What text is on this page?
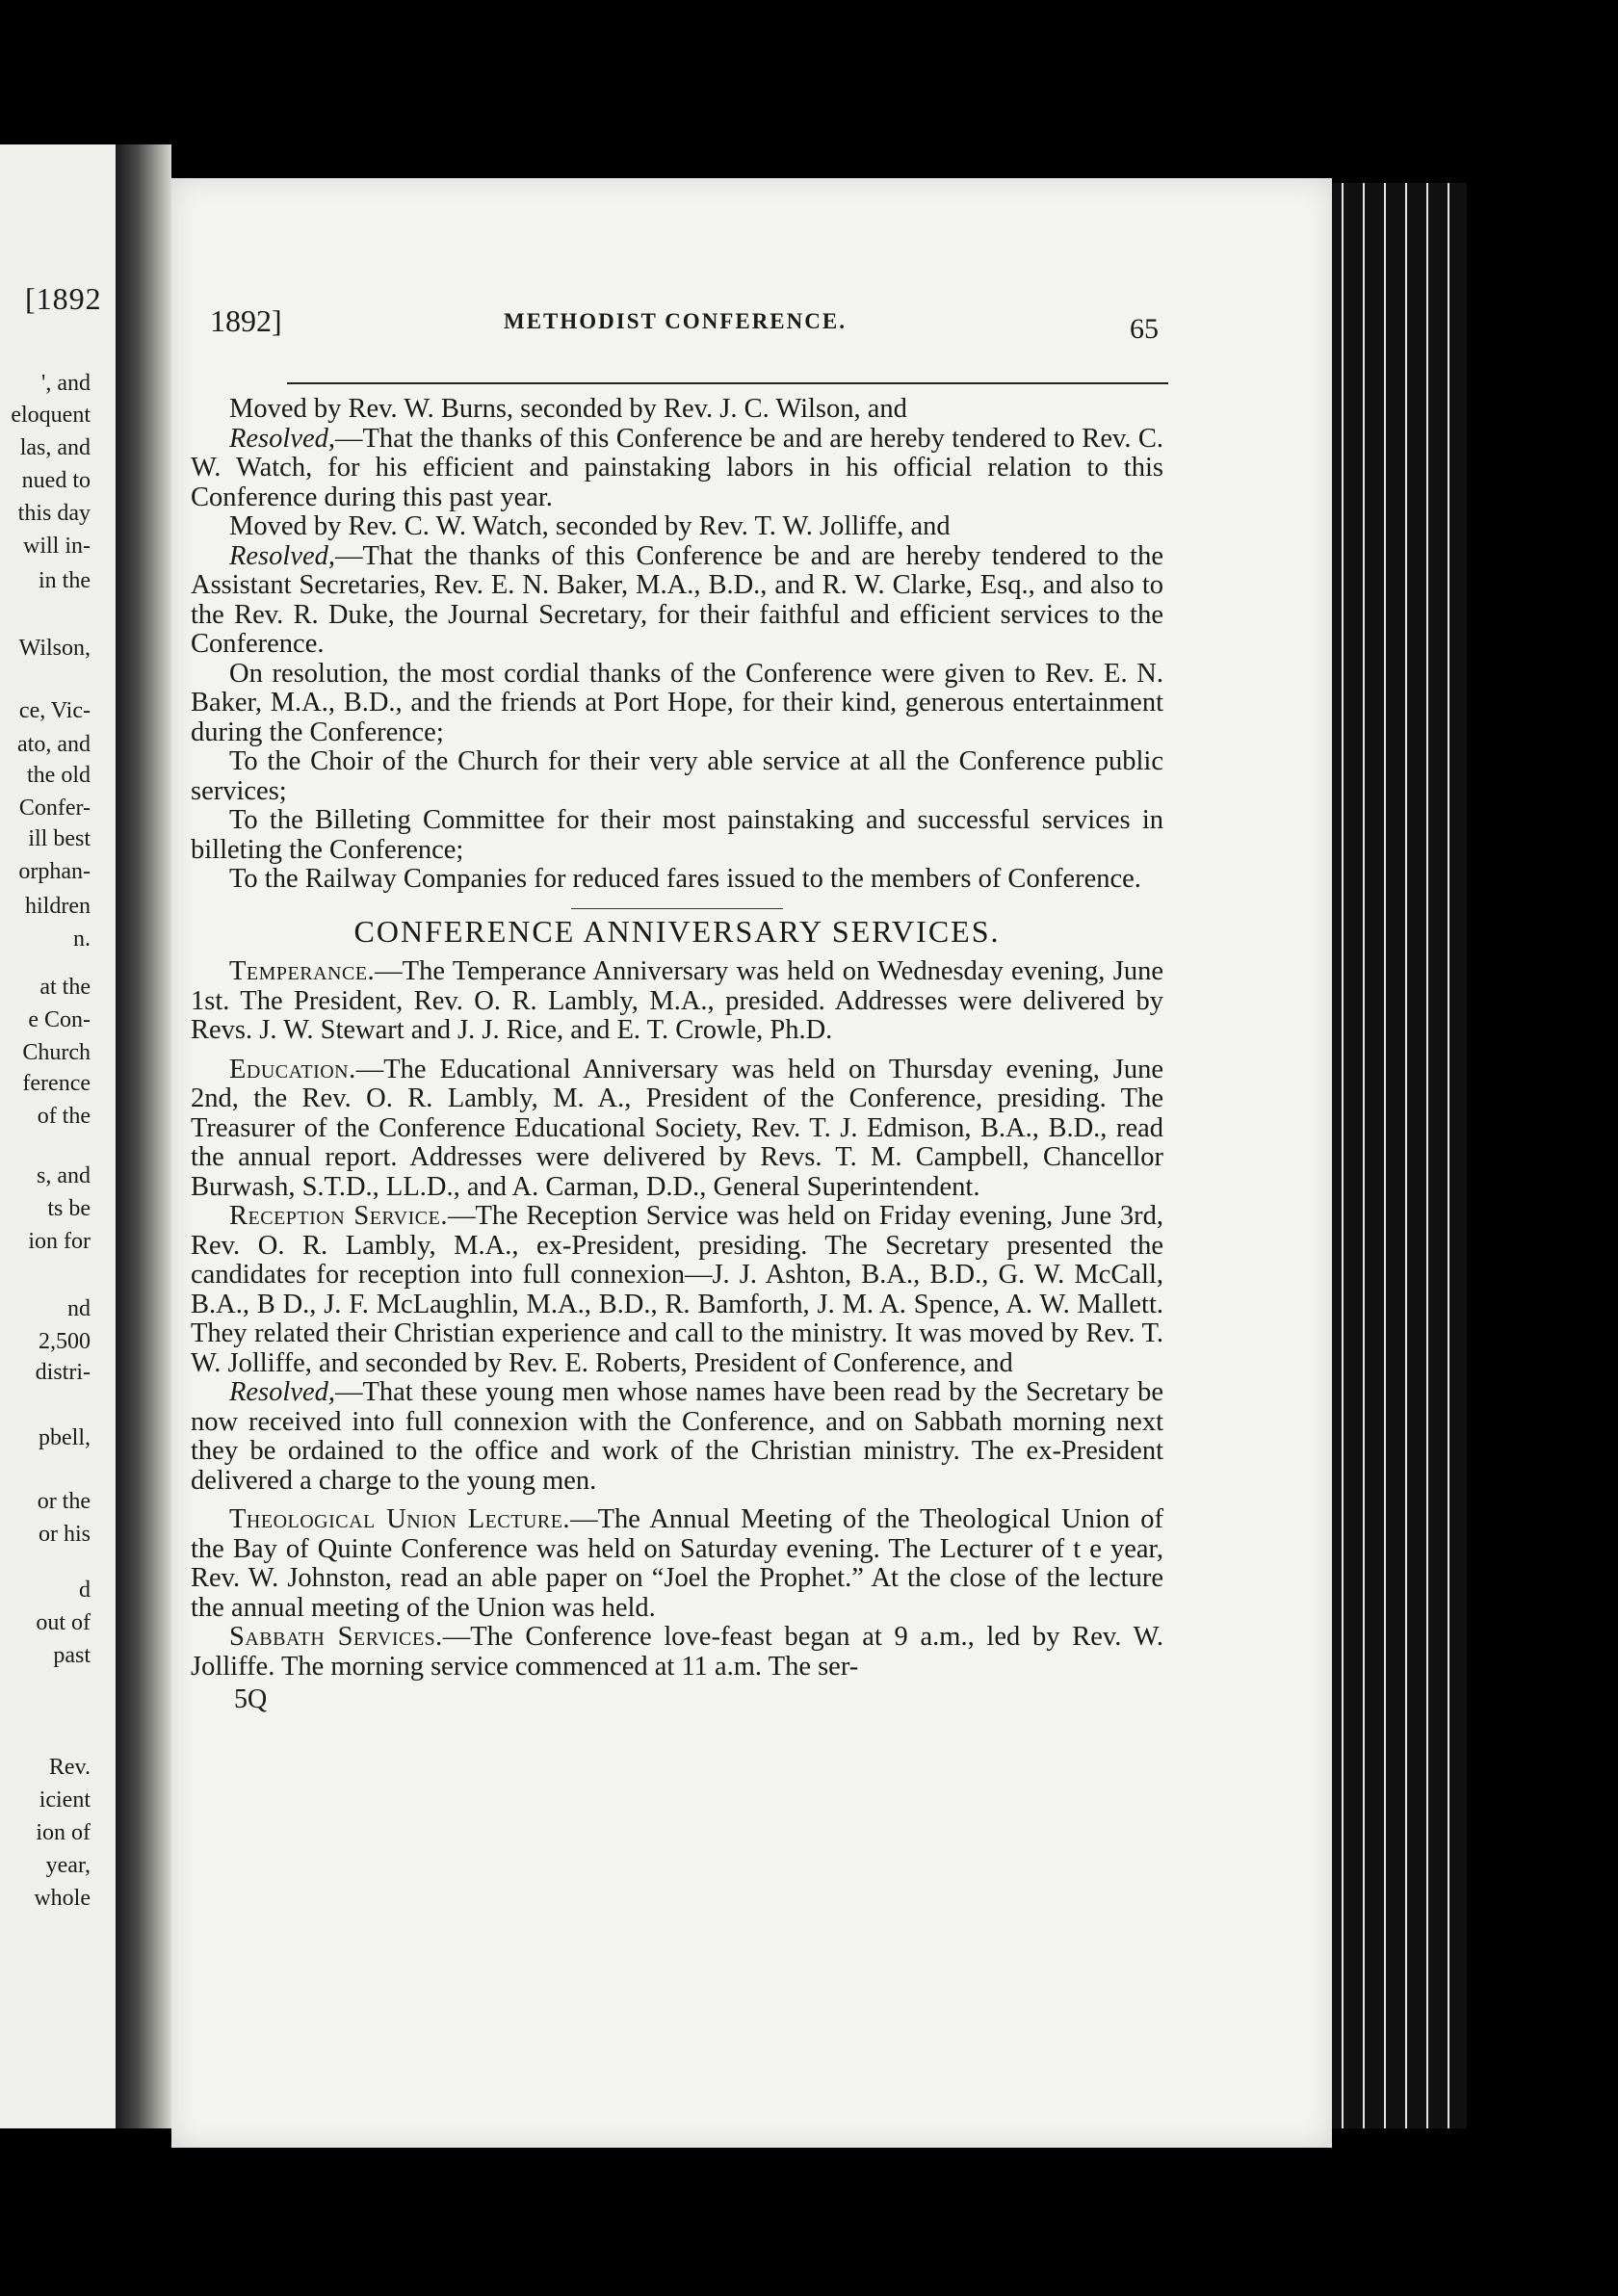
[1892
', and
eloquent
las, and
nued to
this day
will in-
in the
Wilson,
ce, Vic-
ato, and
the old
Confer-
ill best
orphan-
hildren
n.
at the
e Con-
Church
ference
of the
s, and
ts be
ion for
nd
2,500
distri-
pbell,
or the
or his
d
out of
past
Rev.
icient
ion of
year,
whole
1892]	METHODIST CONFERENCE.	65

Moved by Rev. W. Burns, seconded by Rev. J. C. Wilson, and

Resolved,—That the thanks of this Conference be and are hereby tendered to Rev. C. W. Watch, for his efficient and painstaking labors in his official relation to this Conference during this past year.

Moved by Rev. C. W. Watch, seconded by Rev. T. W. Jolliffe, and

Resolved,—That the thanks of this Conference be and are hereby tendered to the Assistant Secretaries, Rev. E. N. Baker, M.A., B.D., and R. W. Clarke, Esq., and also to the Rev. R. Duke, the Journal Secretary, for their faithful and efficient services to the Conference.

On resolution, the most cordial thanks of the Conference were given to Rev. E. N. Baker, M.A., B.D., and the friends at Port Hope, for their kind, generous entertainment during the Conference;

To the Choir of the Church for their very able service at all the Conference public services;

To the Billeting Committee for their most painstaking and successful services in billeting the Conference;

To the Railway Companies for reduced fares issued to the members of Conference.

CONFERENCE ANNIVERSARY SERVICES.

Temperance.—The Temperance Anniversary was held on Wednesday evening, June 1st. The President, Rev. O. R. Lambly, M.A., presided. Addresses were delivered by Revs. J. W. Stewart and J. J. Rice, and E. T. Crowle, Ph.D.

Education.—The Educational Anniversary was held on Thursday evening, June 2nd, the Rev. O. R. Lambly, M. A., President of the Conference, presiding. The Treasurer of the Conference Educational Society, Rev. T. J. Edmison, B.A., B.D., read the annual report. Addresses were delivered by Revs. T. M. Campbell, Chancellor Burwash, S.T.D., LL.D., and A. Carman, D.D., General Superintendent.

Reception Service.—The Reception Service was held on Friday evening, June 3rd, Rev. O. R. Lambly, M.A., ex-President, presiding. The Secretary presented the candidates for reception into full connexion—J. J. Ashton, B.A., B.D., G. W. McCall, B.A., B D., J. F. McLaughlin, M.A., B.D., R. Bamforth, J. M. A. Spence, A. W. Mallett. They related their Christian experience and call to the ministry. It was moved by Rev. T. W. Jolliffe, and seconded by Rev. E. Roberts, President of Conference, and

Resolved,—That these young men whose names have been read by the Secretary be now received into full connexion with the Conference, and on Sabbath morning next they be ordained to the office and work of the Christian ministry. The ex-President delivered a charge to the young men.

Theological Union Lecture.—The Annual Meeting of the Theological Union of the Bay of Quinte Conference was held on Saturday evening. The Lecturer of t e year, Rev. W. Johnston, read an able paper on “Joel the Prophet.” At the close of the lecture the annual meeting of the Union was held.

Sabbath Services.—The Conference love-feast began at 9 a.m., led by Rev. W. Jolliffe. The morning service commenced at 11 a.m. The ser-

5Q
